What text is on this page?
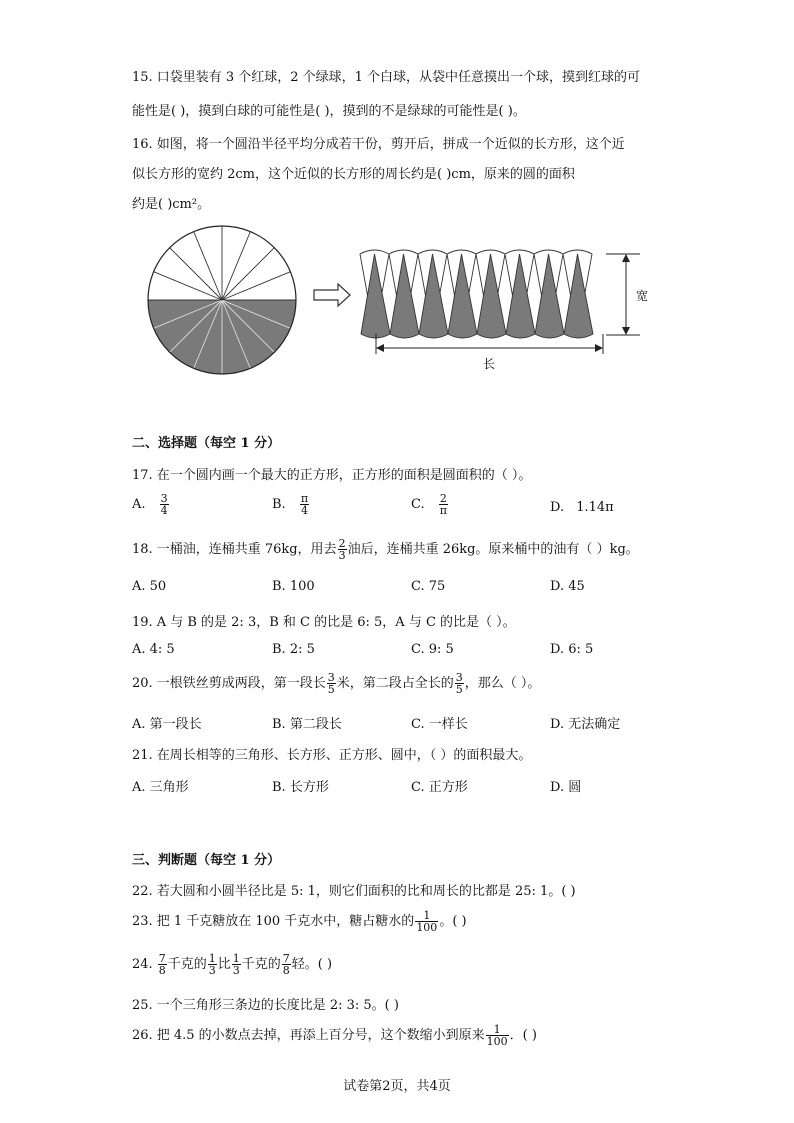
15. 口袋里装有 3 个红球，2 个绿球，1 个白球，从袋中任意摸出一个球，摸到红球的可
能性是( )，摸到白球的可能性是( )，摸到的不是绿球的可能性是( )。
16. 如图，将一个圆沿半径平均分成若干份，剪开后，拼成一个近似的长方形，这个近
似长方形的宽约 2cm，这个近似的长方形的周长约是( )cm，原来的圆的面积
约是( )cm²。
宽
长
二、选择题（每空 1 分）
17. 在一个圆内画一个最大的正方形，正方形的面积是圆面积的（ ）。
A. $\frac{3}{4}$	B. $\frac{\pi}{4}$	C. $\frac{2}{\pi}$	D. 1.14π
18. 一桶油，连桶共重 76kg，用去 $\frac{2}{3}$ 油后，连桶共重 26kg。原来桶中的油有（ ）kg。
A. 50	B. 100	C. 75	D. 45
19. A 与 B 的是 2: 3，B 和 C 的比是 6: 5，A 与 C 的比是（ ）。
A. 4: 5	B. 2: 5	C. 9: 5	D. 6: 5
20. 一根铁丝剪成两段，第一段长 $\frac{3}{5}$ 米，第二段占全长的 $\frac{3}{5}$ ，那么（ ）。
A. 第一段长	B. 第二段长	C. 一样长	D. 无法确定
21. 在周长相等的三角形、长方形、正方形、圆中，（ ）的面积最大。
A. 三角形	B. 长方形	C. 正方形	D. 圆
三、判断题（每空 1 分）
22. 若大圆和小圆半径比是 5: 1，则它们面积的比和周长的比都是 25: 1。( )
23. 把 1 千克糖放在 100 千克水中，糖占糖水的 $\frac{1}{100}$ 。( )
24. $\frac{7}{8}$ 千克的 $\frac{1}{3}$ 比 $\frac{1}{3}$ 千克的 $\frac{7}{8}$ 轻。( )
25. 一个三角形三条边的长度比是 2: 3: 5。( )
26. 把 4.5 的小数点去掉，再添上百分号，这个数缩小到原来 $\frac{1}{100}$ ．( )
试卷第2页，共4页
